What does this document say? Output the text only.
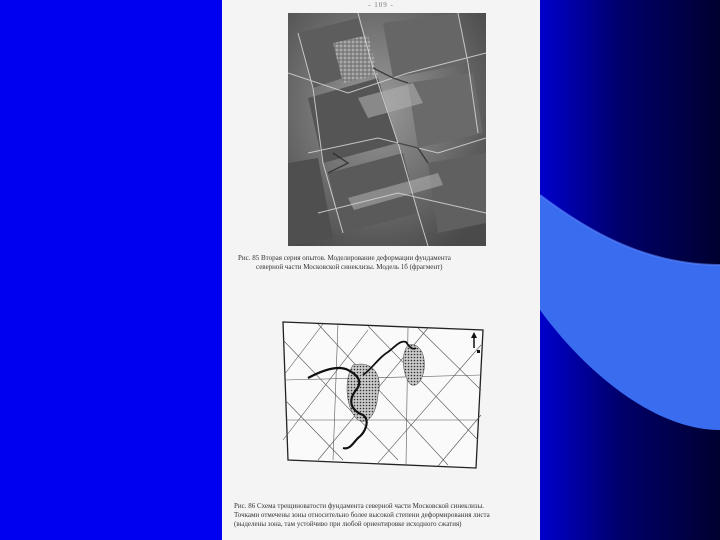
- 109 -
Рис. 85 Вторая серия опытов. Моделирование деформации фундамента
северной части Московской синеклизы. Модель 1б (фрагмент)
Рис. 86 Схема трещиноватости фундамента северной части Московской синеклизы.
Точками отмечены зоны относительно более высокой степени деформирования листа
(выделены зона, там устойчиво при любой ориентировке исходного сжатия)
